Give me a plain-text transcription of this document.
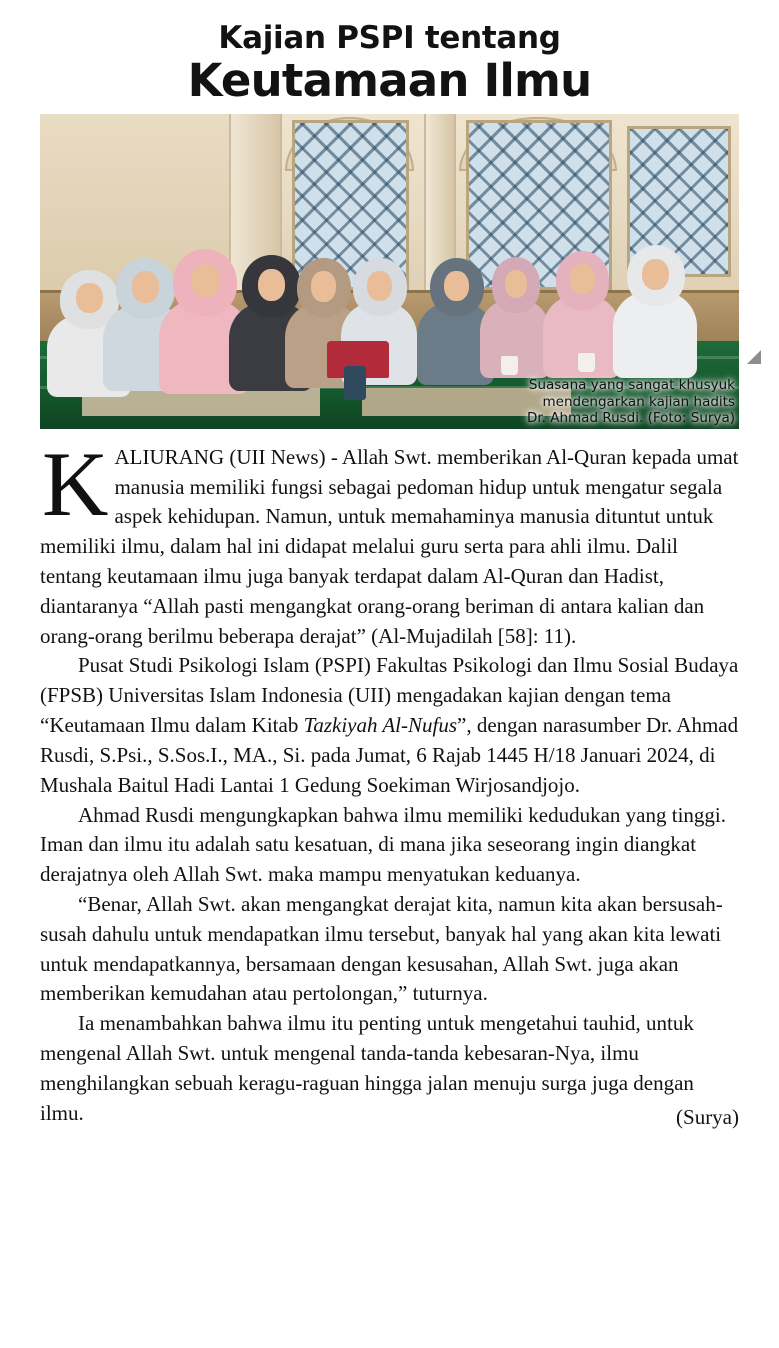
Kajian PSPI tentang
Keutamaan Ilmu
Suasana yang sangat khusyuk
mendengarkan kajian hadits
Dr. Ahmad Rusdi. (Foto: Surya)

KALIURANG (UII News) - Allah Swt. memberikan Al-Quran kepada umat manusia memiliki fungsi sebagai pedoman hidup untuk mengatur segala aspek kehidupan. Namun, untuk memahaminya manusia dituntut untuk memiliki ilmu, dalam hal ini didapat melalui guru serta para ahli ilmu. Dalil tentang keutamaan ilmu juga banyak terdapat dalam Al-Quran dan Hadist, diantaranya “Allah pasti mengangkat orang-orang beriman di antara kalian dan orang-orang berilmu beberapa derajat” (Al-Mujadilah [58]: 11).

Pusat Studi Psikologi Islam (PSPI) Fakultas Psikologi dan Ilmu Sosial Budaya (FPSB) Universitas Islam Indonesia (UII) mengadakan kajian dengan tema “Keutamaan Ilmu dalam Kitab Tazkiyah Al-Nufus”, dengan narasumber Dr. Ahmad Rusdi, S.Psi., S.Sos.I., MA., Si. pada Jumat, 6 Rajab 1445 H/18 Januari 2024, di Mushala Baitul Hadi Lantai 1 Gedung Soekiman Wirjosandjojo.

Ahmad Rusdi mengungkapkan bahwa ilmu memiliki kedudukan yang tinggi. Iman dan ilmu itu adalah satu kesatuan, di mana jika seseorang ingin diangkat derajatnya oleh Allah Swt. maka mampu menyatukan keduanya.

“Benar, Allah Swt. akan mengangkat derajat kita, namun kita akan bersusah-susah dahulu untuk mendapatkan ilmu tersebut, banyak hal yang akan kita lewati untuk mendapatkannya, bersamaan dengan kesusahan, Allah Swt. juga akan memberikan kemudahan atau pertolongan,” tuturnya.

Ia menambahkan bahwa ilmu itu penting untuk mengetahui tauhid, untuk mengenal Allah Swt. untuk mengenal tanda-tanda kebesaran-Nya, ilmu menghilangkan sebuah keragu-raguan hingga jalan menuju surga juga dengan ilmu.	(Surya)
